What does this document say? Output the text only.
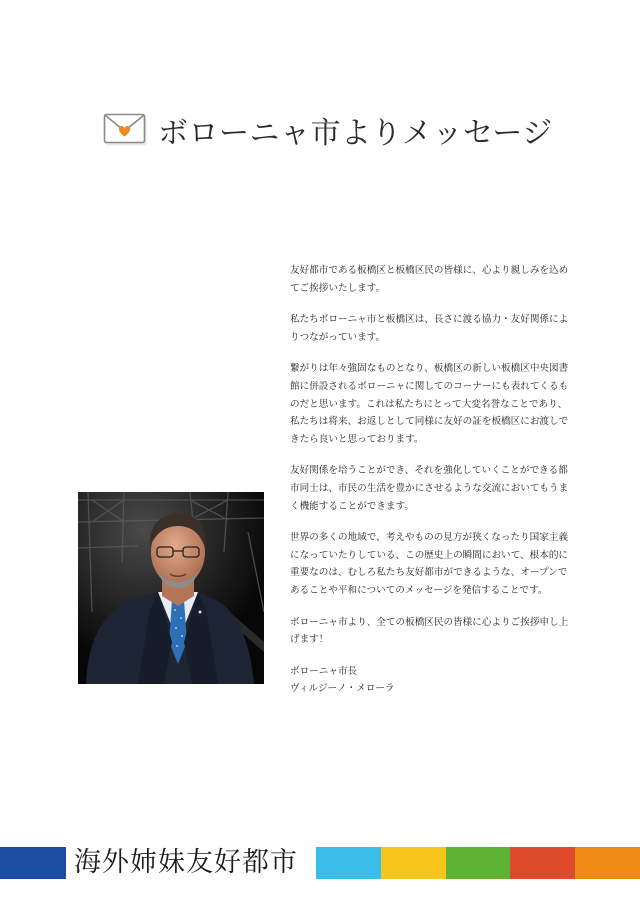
ボローニャ市よりメッセージ

友好都市である板橋区と板橋区民の皆様に、心より親しみを込めてご挨拶いたします。

私たちボローニャ市と板橋区は、長さに渡る協力・友好関係によりつながっています。

繋がりは年々強固なものとなり、板橋区の新しい板橋区中央図書館に併設されるボローニャに関してのコーナーにも表れてくるものだと思います。これは私たちにとって大変名誉なことであり、私たちは将来、お返しとして同様に友好の証を板橋区にお渡しできたら良いと思っております。

友好関係を培うことができ、それを強化していくことができる都市同士は、市民の生活を豊かにさせるような交流においてもうまく機能することができます。

世界の多くの地域で、考えやものの見方が狭くなったり国家主義になっていたりしている、この歴史上の瞬間において、根本的に重要なのは、むしろ私たち友好都市ができるような、オープンであることや平和についてのメッセージを発信することです。

ボローニャ市より、全ての板橋区民の皆様に心よりご挨拶申し上げます！

ボローニャ市長
ヴィルジーノ・メローラ
海外姉妹友好都市
